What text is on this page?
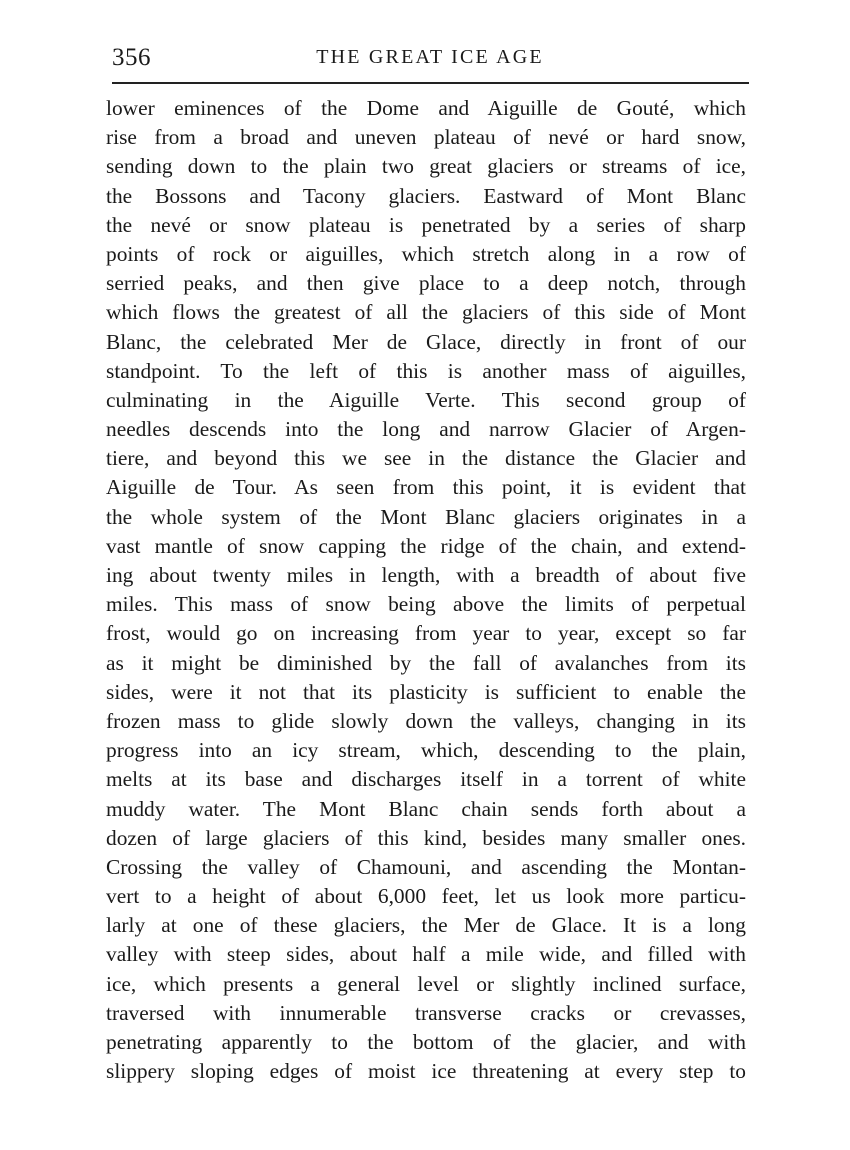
356	THE GREAT ICE AGE
lower eminences of the Dome and Aiguille de Gouté, which
rise from a broad and uneven plateau of nevé or hard snow,
sending down to the plain two great glaciers or streams of ice,
the Bossons and Tacony glaciers. Eastward of Mont Blanc
the nevé or snow plateau is penetrated by a series of sharp
points of rock or aiguilles, which stretch along in a row of
serried peaks, and then give place to a deep notch, through
which flows the greatest of all the glaciers of this side of Mont
Blanc, the celebrated Mer de Glace, directly in front of our
standpoint. To the left of this is another mass of aiguilles,
culminating in the Aiguille Verte. This second group of
needles descends into the long and narrow Glacier of Argen-
tiere, and beyond this we see in the distance the Glacier and
Aiguille de Tour. As seen from this point, it is evident that
the whole system of the Mont Blanc glaciers originates in a
vast mantle of snow capping the ridge of the chain, and extend-
ing about twenty miles in length, with a breadth of about five
miles. This mass of snow being above the limits of perpetual
frost, would go on increasing from year to year, except so far
as it might be diminished by the fall of avalanches from its
sides, were it not that its plasticity is sufficient to enable the
frozen mass to glide slowly down the valleys, changing in its
progress into an icy stream, which, descending to the plain,
melts at its base and discharges itself in a torrent of white
muddy water. The Mont Blanc chain sends forth about a
dozen of large glaciers of this kind, besides many smaller ones.
Crossing the valley of Chamouni, and ascending the Montan-
vert to a height of about 6,000 feet, let us look more particu-
larly at one of these glaciers, the Mer de Glace. It is a long
valley with steep sides, about half a mile wide, and filled with
ice, which presents a general level or slightly inclined surface,
traversed with innumerable transverse cracks or crevasses,
penetrating apparently to the bottom of the glacier, and with
slippery sloping edges of moist ice threatening at every step to
